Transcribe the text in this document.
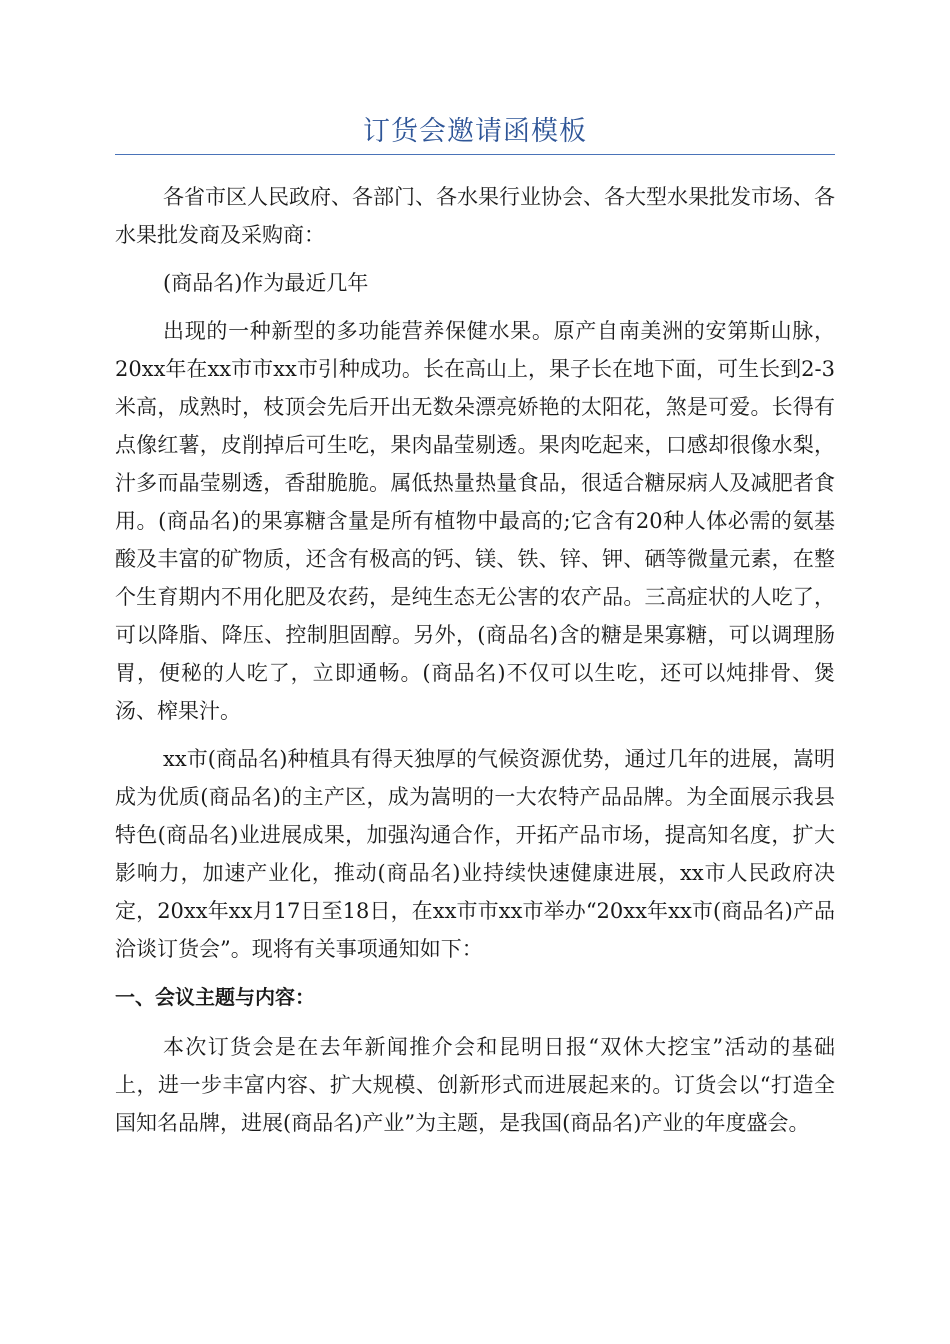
订货会邀请函模板

各省市区人民政府、各部门、各水果行业协会、各大型水果批发市场、各水果批发商及采购商：

(商品名)作为最近几年

出现的一种新型的多功能营养保健水果。原产自南美洲的安第斯山脉，20xx年在xx市市xx市引种成功。长在高山上，果子长在地下面，可生长到2-3米高，成熟时，枝顶会先后开出无数朵漂亮娇艳的太阳花，煞是可爱。长得有点像红薯，皮削掉后可生吃，果肉晶莹剔透。果肉吃起来，口感却很像水梨，汁多而晶莹剔透，香甜脆脆。属低热量热量食品，很适合糖尿病人及减肥者食用。(商品名)的果寡糖含量是所有植物中最高的;它含有20种人体必需的氨基酸及丰富的矿物质，还含有极高的钙、镁、铁、锌、钾、硒等微量元素，在整个生育期内不用化肥及农药，是纯生态无公害的农产品。三高症状的人吃了，可以降脂、降压、控制胆固醇。另外，(商品名)含的糖是果寡糖，可以调理肠胃，便秘的人吃了，立即通畅。(商品名)不仅可以生吃，还可以炖排骨、煲汤、榨果汁。

xx市(商品名)种植具有得天独厚的气候资源优势，通过几年的进展，嵩明成为优质(商品名)的主产区，成为嵩明的一大农特产品品牌。为全面展示我县特色(商品名)业进展成果，加强沟通合作，开拓产品市场，提高知名度，扩大影响力，加速产业化，推动(商品名)业持续快速健康进展，xx市人民政府决定，20xx年xx月17日至18日，在xx市市xx市举办“20xx年xx市(商品名)产品洽谈订货会”。现将有关事项通知如下：

一、会议主题与内容：

本次订货会是在去年新闻推介会和昆明日报“双休大挖宝”活动的基础上，进一步丰富内容、扩大规模、创新形式而进展起来的。订货会以“打造全国知名品牌，进展(商品名)产业”为主题，是我国(商品名)产业的年度盛会。
